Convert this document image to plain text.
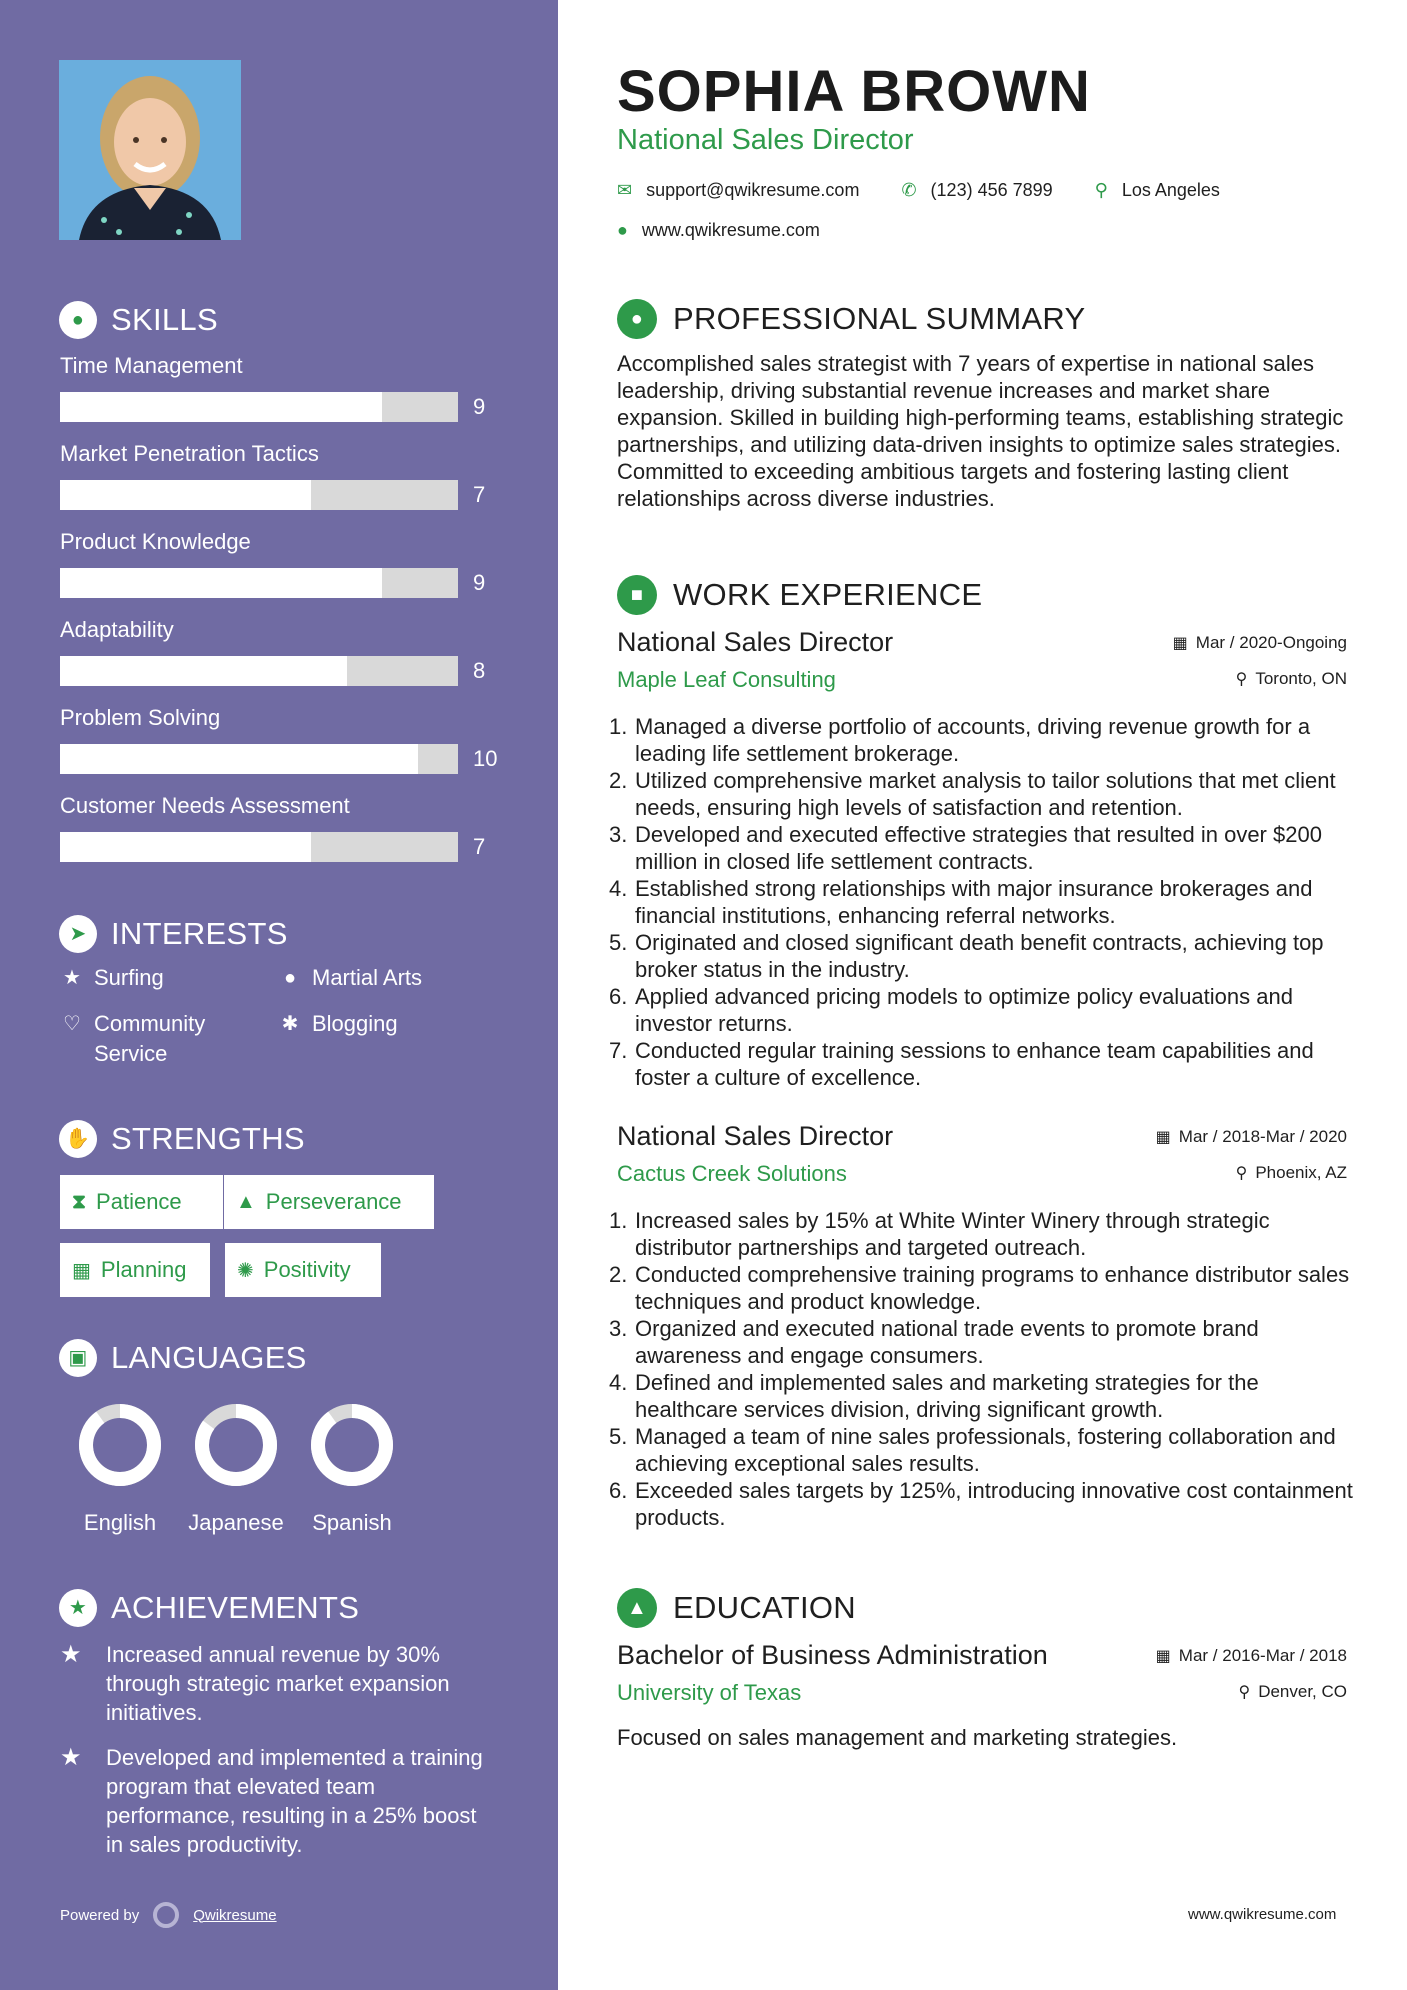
● SKILLS
Time Management
9
Market Penetration Tactics
7
Product Knowledge
9
Adaptability
8
Problem Solving
10
Customer Needs Assessment
7
➤ INTERESTS
★ Surfing	● Martial Arts
♡ Community Service
✱ Blogging
✋ STRENGTHS
⧗ Patience	▲ Perseverance
▦ Planning	✺ Positivity
▣ LANGUAGES
English	Japanese	Spanish
★ ACHIEVEMENTS
★	Increased annual revenue by 30% through strategic market expansion initiatives.
★	Developed and implemented a training program that elevated team performance, resulting in a 25% boost in sales productivity.
Powered by	Qwikresume
SOPHIA BROWN
National Sales Director
✉ support@qwikresume.com ✆ (123) 456 7899 ⚲ Los Angeles
● www.qwikresume.com
● PROFESSIONAL SUMMARY
Accomplished sales strategist with 7 years of expertise in national sales leadership, driving substantial revenue increases and market share expansion. Skilled in building high-performing teams, establishing strategic partnerships, and utilizing data-driven insights to optimize sales strategies. Committed to exceeding ambitious targets and fostering lasting client relationships across diverse industries.
■ WORK EXPERIENCE
National Sales Director
Maple Leaf Consulting
▦ Mar / 2020-Ongoing
⚲ Toronto, ON
1. Managed a diverse portfolio of accounts, driving revenue growth for a leading life settlement brokerage.
2. Utilized comprehensive market analysis to tailor solutions that met client needs, ensuring high levels of satisfaction and retention.
3. Developed and executed effective strategies that resulted in over $200 million in closed life settlement contracts.
4. Established strong relationships with major insurance brokerages and financial institutions, enhancing referral networks.
5. Originated and closed significant death benefit contracts, achieving top broker status in the industry.
6. Applied advanced pricing models to optimize policy evaluations and investor returns.
7. Conducted regular training sessions to enhance team capabilities and foster a culture of excellence.
National Sales Director
Cactus Creek Solutions
▦ Mar / 2018-Mar / 2020
⚲ Phoenix, AZ
1. Increased sales by 15% at White Winter Winery through strategic distributor partnerships and targeted outreach.
2. Conducted comprehensive training programs to enhance distributor sales techniques and product knowledge.
3. Organized and executed national trade events to promote brand awareness and engage consumers.
4. Defined and implemented sales and marketing strategies for the healthcare services division, driving significant growth.
5. Managed a team of nine sales professionals, fostering collaboration and achieving exceptional sales results.
6. Exceeded sales targets by 125%, introducing innovative cost containment products.
▲ EDUCATION
Bachelor of Business Administration
University of Texas
▦ Mar / 2016-Mar / 2018
⚲ Denver, CO
Focused on sales management and marketing strategies.
www.qwikresume.com
